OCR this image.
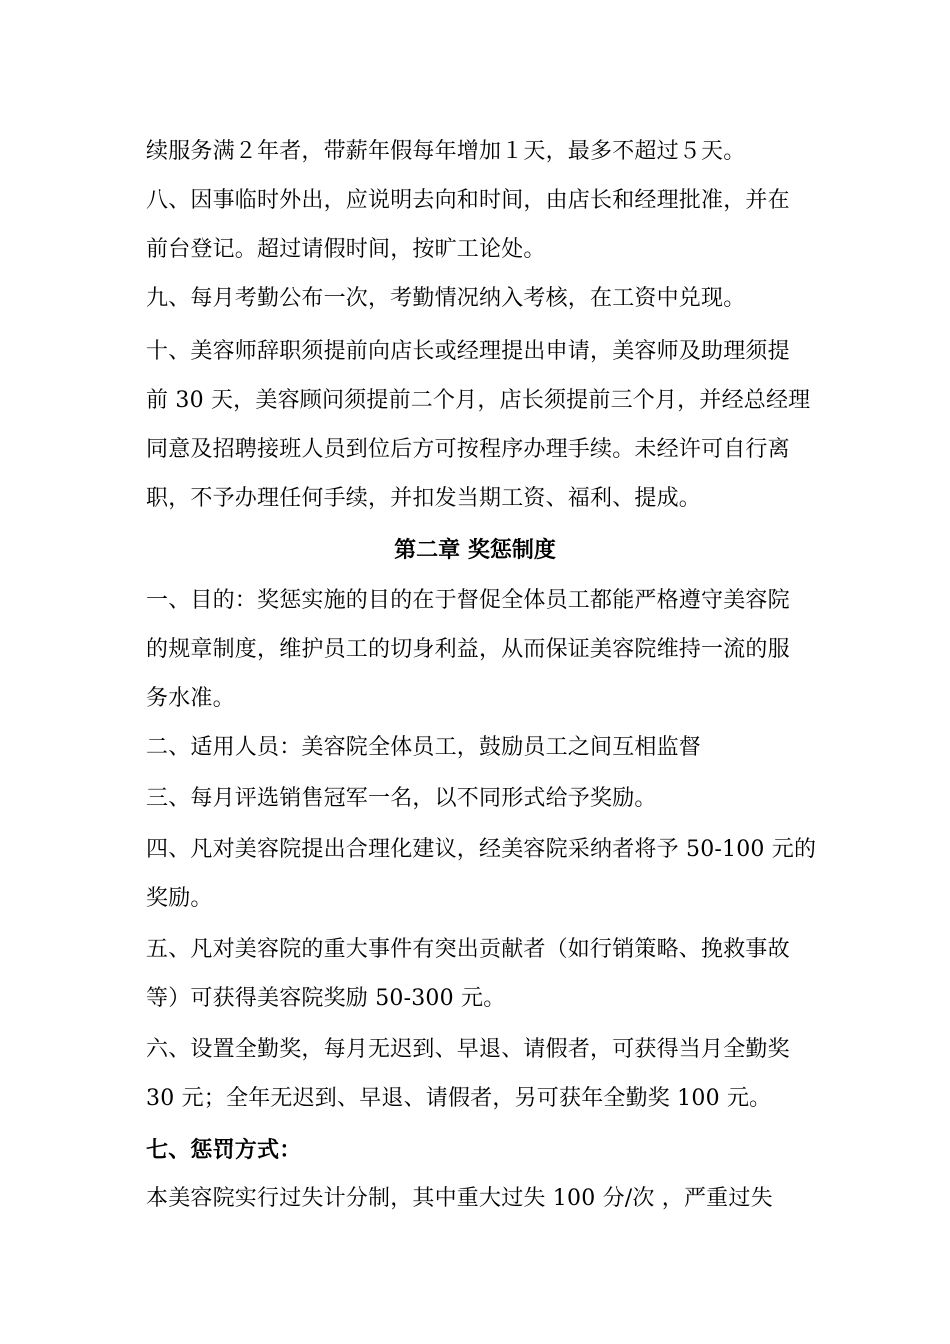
续服务满２年者，带薪年假每年增加１天，最多不超过５天。

八、因事临时外出，应说明去向和时间，由店长和经理批准，并在

前台登记。超过请假时间，按旷工论处。

九、每月考勤公布一次，考勤情况纳入考核，在工资中兑现。

十、美容师辞职须提前向店长或经理提出申请，美容师及助理须提

前 30 天，美容顾问须提前二个月，店长须提前三个月，并经总经理

同意及招聘接班人员到位后方可按程序办理手续。未经许可自行离

职，不予办理任何手续，并扣发当期工资、福利、提成。

第二章 奖惩制度

一、目的：奖惩实施的目的在于督促全体员工都能严格遵守美容院

的规章制度，维护员工的切身利益，从而保证美容院维持一流的服

务水准。

二、适用人员：美容院全体员工，鼓励员工之间互相监督

三、每月评选销售冠军一名，以不同形式给予奖励。

四、凡对美容院提出合理化建议，经美容院采纳者将予 50-100 元的

奖励。

五、凡对美容院的重大事件有突出贡献者（如行销策略、挽救事故

等）可获得美容院奖励 50-300 元。

六、设置全勤奖，每月无迟到、早退、请假者，可获得当月全勤奖

30 元；全年无迟到、早退、请假者，另可获年全勤奖 100 元。

七、惩罚方式：

本美容院实行过失计分制，其中重大过失 100 分/次 ，严重过失
